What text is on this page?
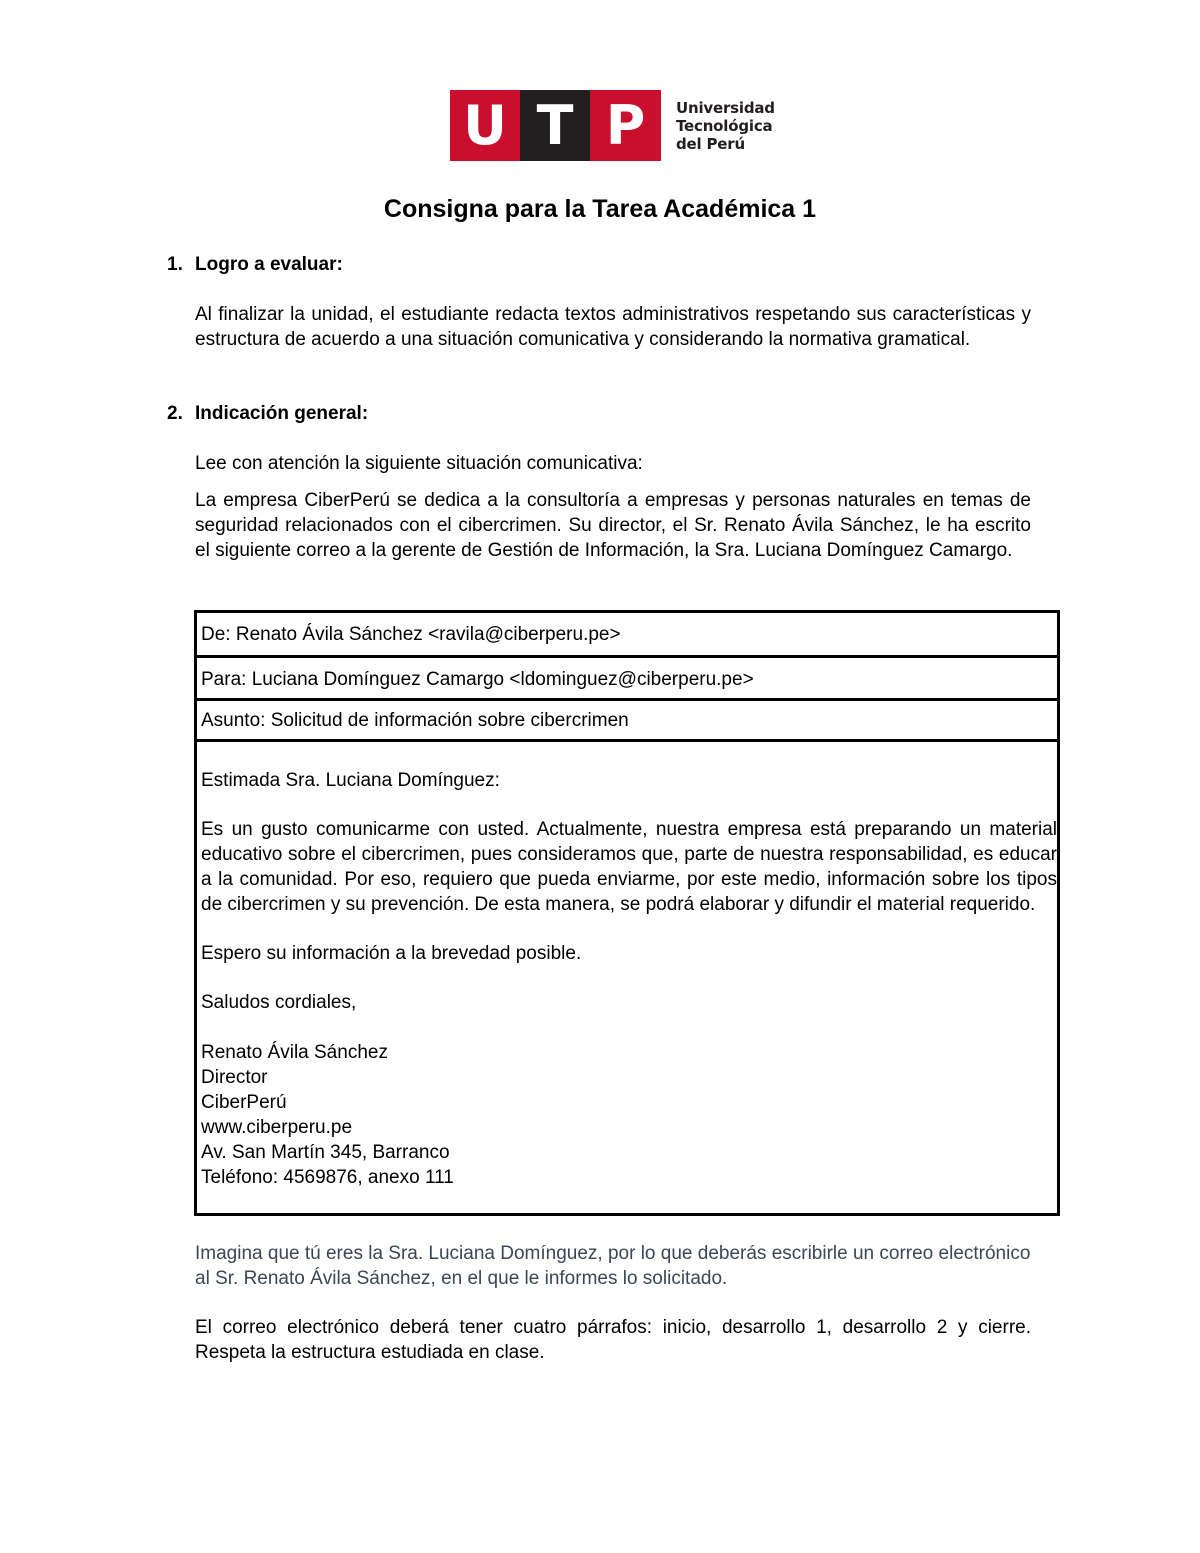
U T P	Universidad
Tecnológica
del Perú
Consigna para la Tarea Académica 1
1. Logro a evaluar:
Al finalizar la unidad, el estudiante redacta textos administrativos respetando sus características y estructura de acuerdo a una situación comunicativa y considerando la normativa gramatical.
2. Indicación general:
Lee con atención la siguiente situación comunicativa:
La empresa CiberPerú se dedica a la consultoría a empresas y personas naturales en temas de seguridad relacionados con el cibercrimen. Su director, el Sr. Renato Ávila Sánchez, le ha escrito el siguiente correo a la gerente de Gestión de Información, la Sra. Luciana Domínguez Camargo.
De: Renato Ávila Sánchez <ravila@ciberperu.pe>
Para: Luciana Domínguez Camargo <ldominguez@ciberperu.pe>
Asunto: Solicitud de información sobre cibercrimen
Estimada Sra. Luciana Domínguez:
Es un gusto comunicarme con usted. Actualmente, nuestra empresa está preparando un material educativo sobre el cibercrimen, pues consideramos que, parte de nuestra responsabilidad, es educar a la comunidad. Por eso, requiero que pueda enviarme, por este medio, información sobre los tipos de cibercrimen y su prevención. De esta manera, se podrá elaborar y difundir el material requerido.
Espero su información a la brevedad posible.
Saludos cordiales,
Renato Ávila Sánchez
Director
CiberPerú
www.ciberperu.pe
Av. San Martín 345, Barranco
Teléfono: 4569876, anexo 111
Imagina que tú eres la Sra. Luciana Domínguez, por lo que deberás escribirle un correo electrónico al Sr. Renato Ávila Sánchez, en el que le informes lo solicitado.
El correo electrónico deberá tener cuatro párrafos: inicio, desarrollo 1, desarrollo 2 y cierre. Respeta la estructura estudiada en clase.
